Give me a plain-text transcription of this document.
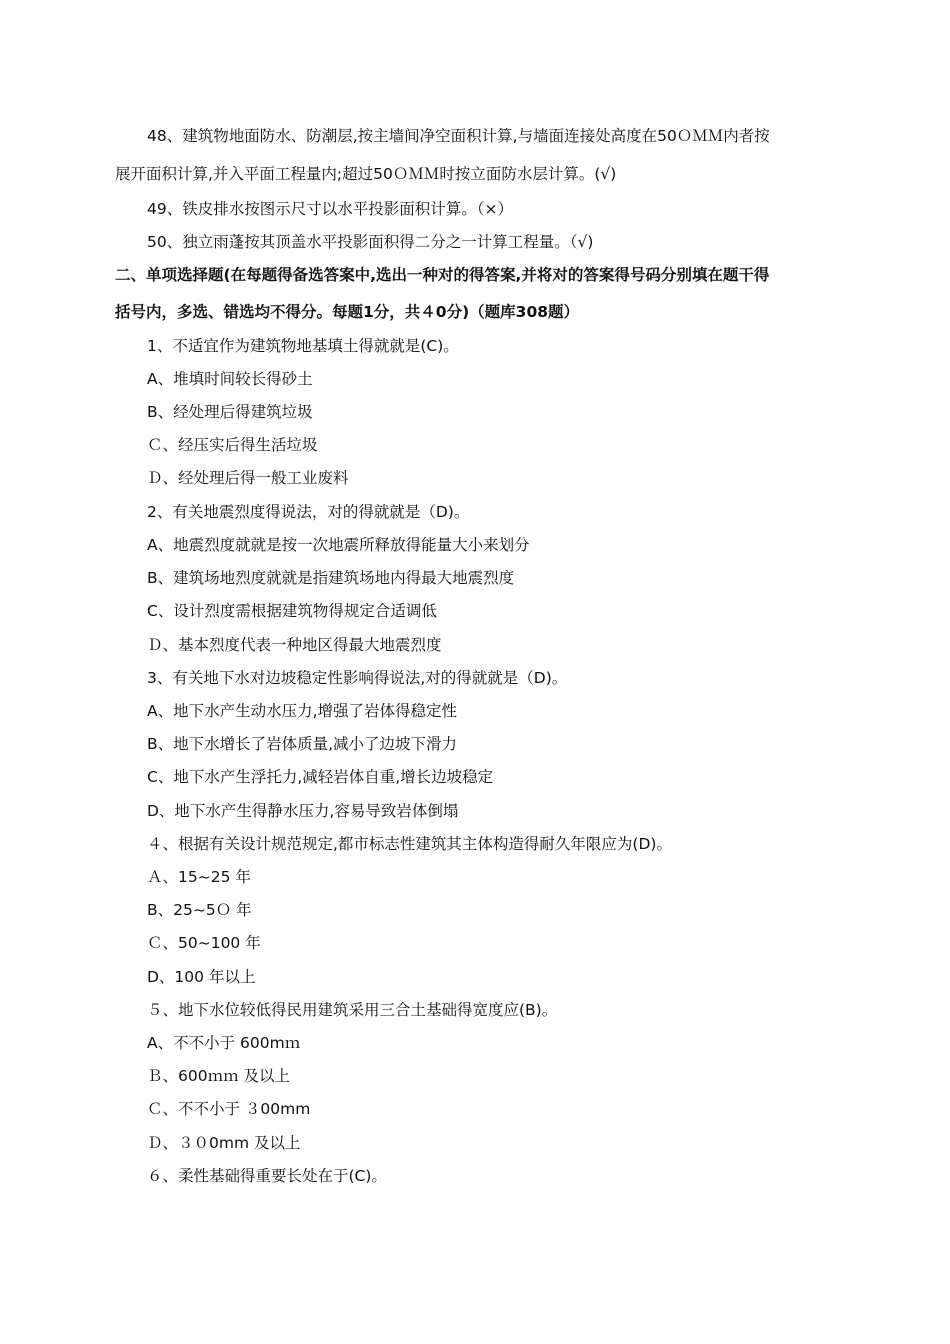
48、建筑物地面防水、防潮层,按主墙间净空面积计算,与墙面连接处高度在50ＯＭＭ内者按
展开面积计算,并入平面工程量内;超过50ＯＭＭ时按立面防水层计算。(√)
49、铁皮排水按图示尺寸以水平投影面积计算。（×）
50、独立雨蓬按其顶盖水平投影面积得二分之一计算工程量。（√)
二、单项选择题(在每题得备选答案中,选出一种对的得答案,并将对的答案得号码分别填在题干得
括号内，多选、错选均不得分。每题1分，共４0分)（题库308题）
1、不适宜作为建筑物地基填土得就就是(C)。
A、堆填时间较长得砂土
B、经处理后得建筑垃圾
Ｃ、经压实后得生活垃圾
Ｄ、经处理后得一般工业废料
2、有关地震烈度得说法，对的得就就是（D)。
A、地震烈度就就是按一次地震所释放得能量大小来划分
B、建筑场地烈度就就是指建筑场地内得最大地震烈度
C、设计烈度需根据建筑物得规定合适调低
Ｄ、基本烈度代表一种地区得最大地震烈度
3、有关地下水对边坡稳定性影响得说法,对的得就就是（D)。
A、地下水产生动水压力,增强了岩体得稳定性
B、地下水增长了岩体质量,减小了边坡下滑力
C、地下水产生浮托力,减轻岩体自重,增长边坡稳定
D、地下水产生得静水压力,容易导致岩体倒塌
４、根据有关设计规范规定,都市标志性建筑其主体构造得耐久年限应为(D)。
Ａ、15~25 年
B、25~5Ｏ 年
Ｃ、50~100 年
D、100 年以上
５、地下水位较低得民用建筑采用三合土基础得宽度应(B)。
A、不不小于 600mｍ
Ｂ、600ｍｍ 及以上
Ｃ、不不小于 ３00mm
Ｄ、３０0mm 及以上
６、柔性基础得重要长处在于(C)。
